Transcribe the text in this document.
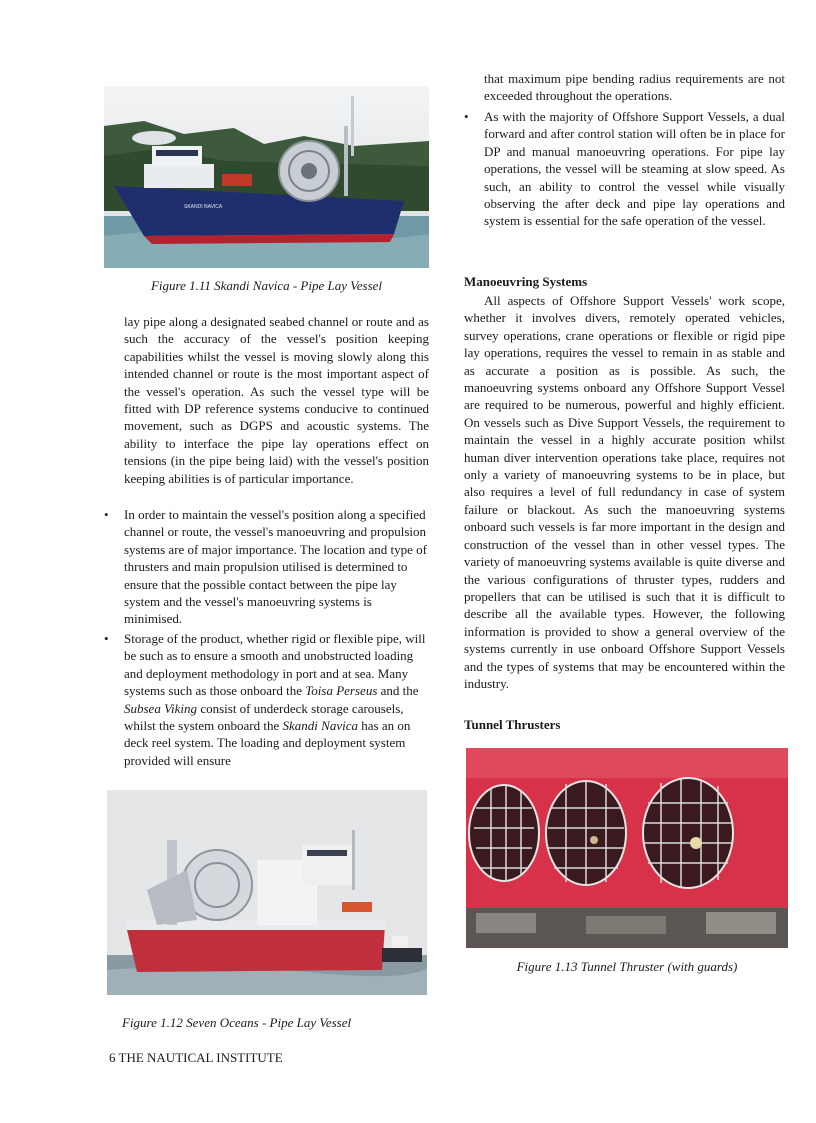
SKANDI NAVICA

Figure 1.11 Skandi Navica - Pipe Lay Vessel

lay pipe along a designated seabed channel or route and as such the accuracy of the vessel's position keeping capabilities whilst the vessel is moving slowly along this intended channel or route is the most important aspect of the vessel's operation. As such the vessel type will be fitted with DP reference systems conducive to continued movement, such as DGPS and acoustic systems. The ability to interface the pipe lay operations effect on tensions (in the pipe being laid) with the vessel's position keeping abilities is of particular importance.

• In order to maintain the vessel's position along a specified channel or route, the vessel's manoeuvring and propulsion systems are of major importance. The location and type of thrusters and main propulsion utilised is determined to ensure that the possible contact between the pipe lay system and the vessel's manoeuvring systems is minimised.

• Storage of the product, whether rigid or flexible pipe, will be such as to ensure a smooth and unobstructed loading and deployment methodology in port and at sea. Many systems such as those onboard the Toisa Perseus and the Subsea Viking consist of underdeck storage carousels, whilst the system onboard the Skandi Navica has an on deck reel system. The loading and deployment system provided will ensure

Figure 1.12 Seven Oceans - Pipe Lay Vessel

6 THE NAUTICAL INSTITUTE

that maximum pipe bending radius requirements are not exceeded throughout the operations.

• As with the majority of Offshore Support Vessels, a dual forward and after control station will often be in place for DP and manual manoeuvring operations. For pipe lay operations, the vessel will be steaming at slow speed. As such, an ability to control the vessel while visually observing the after deck and pipe lay operations and system is essential for the safe operation of the vessel.

Manoeuvring Systems

All aspects of Offshore Support Vessels' work scope, whether it involves divers, remotely operated vehicles, survey operations, crane operations or flexible or rigid pipe lay operations, requires the vessel to remain in as stable and as accurate a position as is possible. As such, the manoeuvring systems onboard any Offshore Support Vessel are required to be numerous, powerful and highly efficient. On vessels such as Dive Support Vessels, the requirement to maintain the vessel in a highly accurate position whilst human diver intervention operations take place, requires not only a variety of manoeuvring systems to be in place, but also requires a level of full redundancy in case of system failure or blackout. As such the manoeuvring systems onboard such vessels is far more important in the design and construction of the vessel than in other vessel types. The variety of manoeuvring systems available is quite diverse and the various configurations of thruster types, rudders and propellers that can be utilised is such that it is difficult to describe all the available types. However, the following information is provided to show a general overview of the systems currently in use onboard Offshore Support Vessels and the types of systems that may be encountered within the industry.

Tunnel Thrusters

Figure 1.13 Tunnel Thruster (with guards)
